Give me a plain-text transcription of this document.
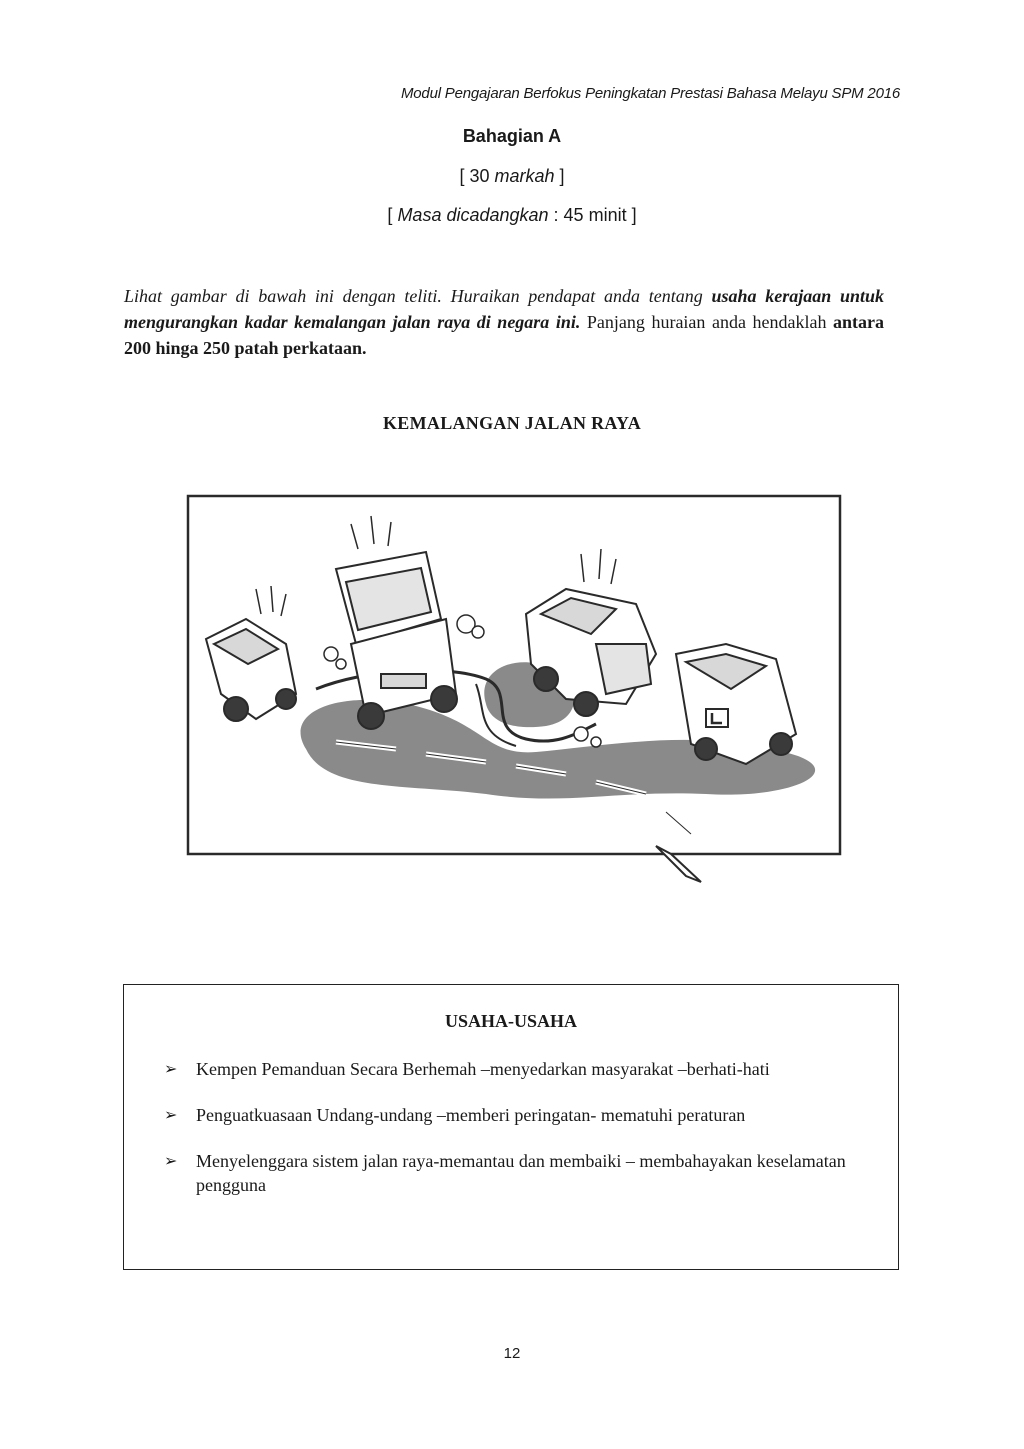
Modul Pengajaran Berfokus Peningkatan Prestasi Bahasa Melayu SPM 2016
Bahagian A
[ 30 markah ]
[ Masa dicadangkan : 45 minit ]
Lihat gambar di bawah ini dengan teliti. Huraikan pendapat anda tentang usaha kerajaan untuk mengurangkan kadar kemalangan jalan raya di negara ini. Panjang huraian anda hendaklah antara 200 hinga 250 patah perkataan.
KEMALANGAN JALAN RAYA
USAHA-USAHA
➢ Kempen Pemanduan Secara Berhemah –menyedarkan masyarakat –berhati-hati
➢ Penguatkuasaan Undang-undang –memberi peringatan- mematuhi peraturan
➢ Menyelenggara sistem jalan raya-memantau dan membaiki – membahayakan keselamatan pengguna
12
